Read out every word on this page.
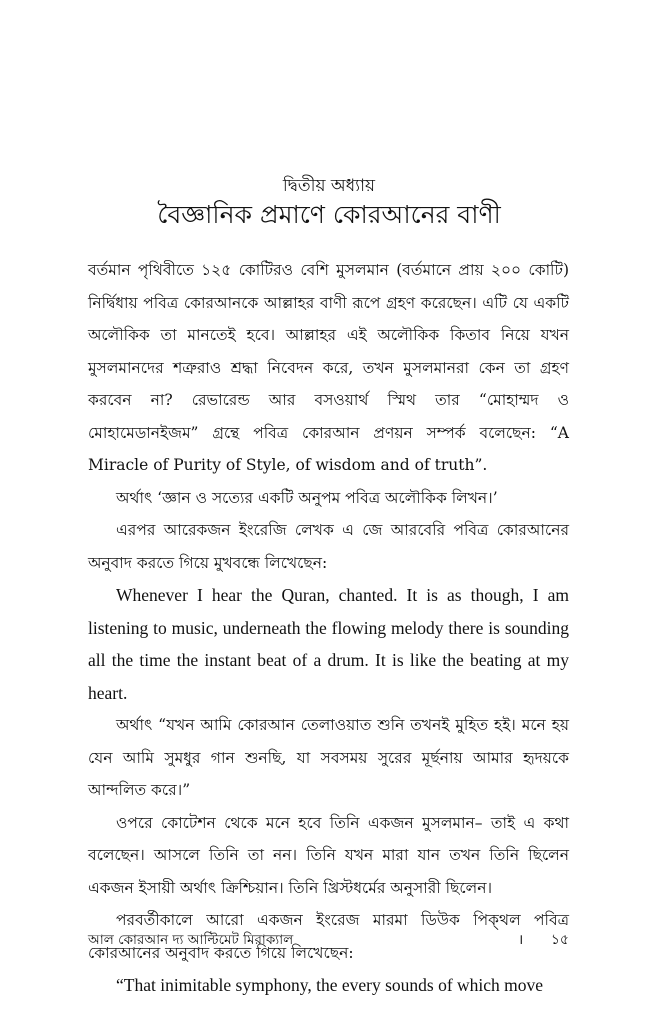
দ্বিতীয় অধ্যায়
বৈজ্ঞানিক প্রমাণে কোরআনের বাণী

বর্তমান পৃথিবীতে ১২৫ কোটিরও বেশি মুসলমান (বর্তমানে প্রায় ২০০ কোটি) নির্দ্বিধায় পবিত্র কোরআনকে আল্লাহর বাণী রূপে গ্রহণ করেছেন। এটি যে একটি অলৌকিক তা মানতেই হবে। আল্লাহর এই অলৌকিক কিতাব নিয়ে যখন মুসলমানদের শত্রুরাও শ্রদ্ধা নিবেদন করে, তখন মুসলমানরা কেন তা গ্রহণ করবেন না? রেভারেন্ড আর বসওয়ার্থ স্মিথ তার “মোহাম্মদ ও মোহামেডানইজম” গ্রন্থে পবিত্র কোরআন প্রণয়ন সম্পর্ক বলেছেন: “A Miracle of Purity of Style, of wisdom and of truth”.

অর্থাৎ ‘জ্ঞান ও সত্যের একটি অনুপম পবিত্র অলৌকিক লিখন।’

এরপর আরেকজন ইংরেজি লেখক এ জে আরবেরি পবিত্র কোরআনের অনুবাদ করতে গিয়ে মুখবন্ধে লিখেছেন:

Whenever I hear the Quran, chanted. It is as though, I am listening to music, underneath the flowing melody there is sounding all the time the instant beat of a drum. It is like the beating at my heart.

অর্থাৎ “যখন আমি কোরআন তেলাওয়াত শুনি তখনই মুহিত হই। মনে হয় যেন আমি সুমধুর গান শুনছি, যা সবসময় সুরের মূর্ছনায় আমার হৃদয়কে আন্দলিত করে।”

ওপরে কোটেশন থেকে মনে হবে তিনি একজন মুসলমান– তাই এ কথা বলেছেন। আসলে তিনি তা নন। তিনি যখন মারা যান তখন তিনি ছিলেন একজন ইসায়ী অর্থাৎ ক্রিশ্চিয়ান। তিনি খ্রিস্টধর্মের অনুসারী ছিলেন।

পরবর্তীকালে আরো একজন ইংরেজ মারমা ডিউক পিক্থল পবিত্র কোরআনের অনুবাদ করতে গিয়ে লিখেছেন:

“That inimitable symphony, the every sounds of which move

আল কোরআন দ্য আল্টিমেট মিরাক্যাল	।	১৫
